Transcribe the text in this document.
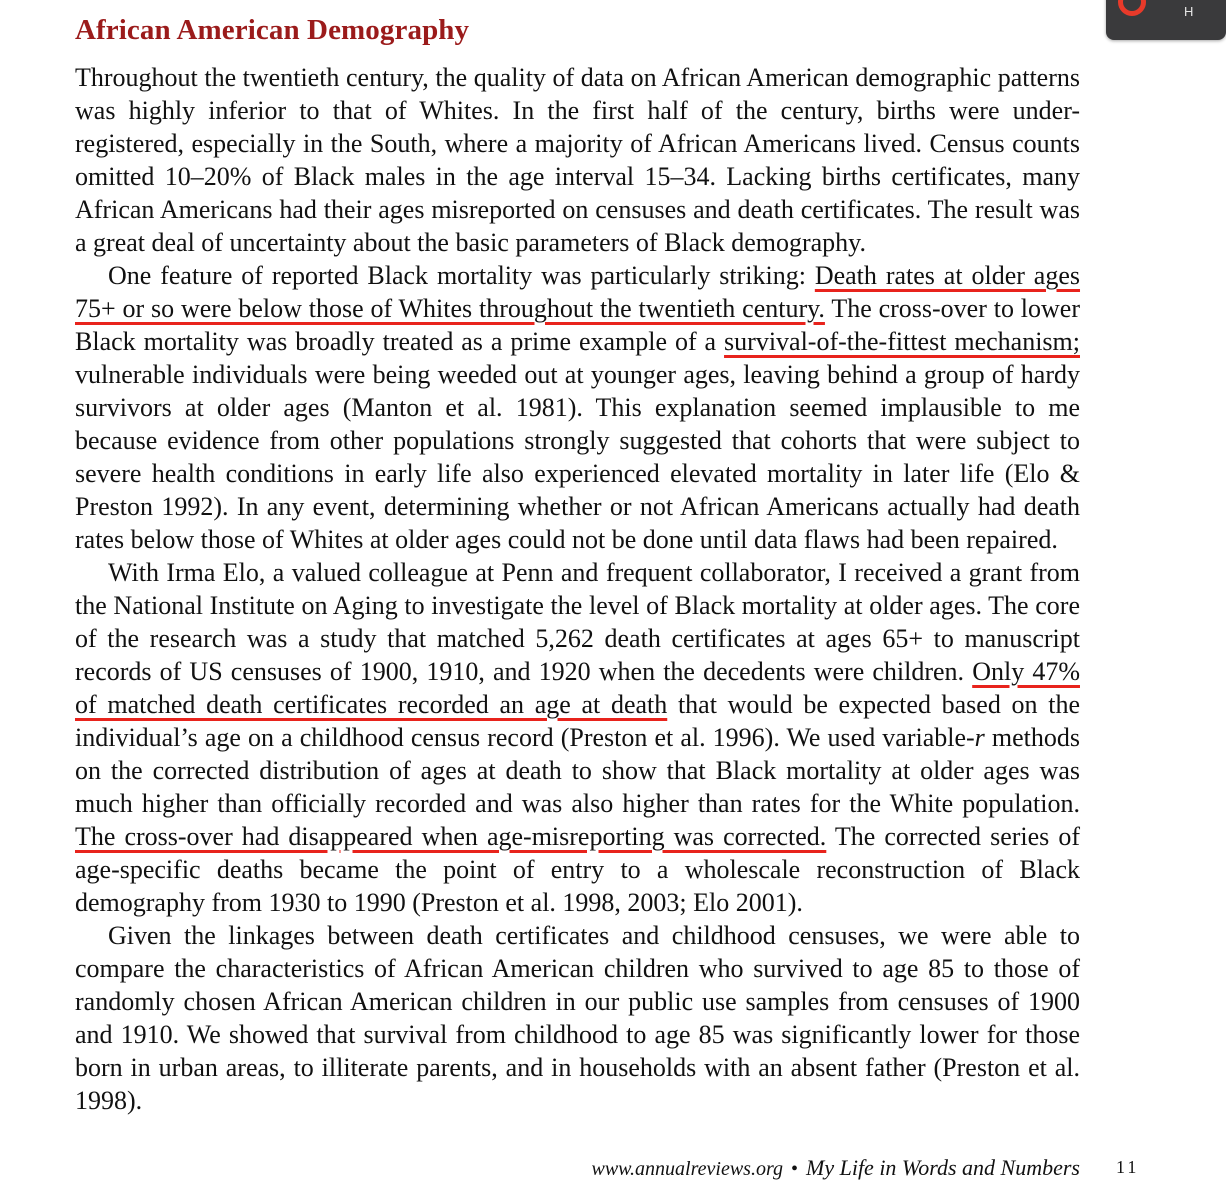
African American Demography

Throughout the twentieth century, the quality of data on African American demographic patterns was highly inferior to that of Whites. In the first half of the century, births were under-registered, especially in the South, where a majority of African Americans lived. Census counts omitted 10–20% of Black males in the age interval 15–34. Lacking births certificates, many African Americans had their ages misreported on censuses and death certificates. The result was a great deal of uncertainty about the basic parameters of Black demography.

One feature of reported Black mortality was particularly striking: Death rates at older ages 75+ or so were below those of Whites throughout the twentieth century. The cross-over to lower Black mortality was broadly treated as a prime example of a survival-of-the-fittest mechanism; vulnerable individuals were being weeded out at younger ages, leaving behind a group of hardy survivors at older ages (Manton et al. 1981). This explanation seemed implausible to me because evidence from other populations strongly suggested that cohorts that were subject to severe health conditions in early life also experienced elevated mortality in later life (Elo & Preston 1992). In any event, determining whether or not African Americans actually had death rates below those of Whites at older ages could not be done until data flaws had been repaired.

With Irma Elo, a valued colleague at Penn and frequent collaborator, I received a grant from the National Institute on Aging to investigate the level of Black mortality at older ages. The core of the research was a study that matched 5,262 death certificates at ages 65+ to manuscript records of US censuses of 1900, 1910, and 1920 when the decedents were children. Only 47% of matched death certificates recorded an age at death that would be expected based on the individual’s age on a childhood census record (Preston et al. 1996). We used variable-r methods on the corrected distribution of ages at death to show that Black mortality at older ages was much higher than officially recorded and was also higher than rates for the White population. The cross-over had disappeared when age-misreporting was corrected. The corrected series of age-specific deaths became the point of entry to a wholescale reconstruction of Black demography from 1930 to 1990 (Preston et al. 1998, 2003; Elo 2001).

Given the linkages between death certificates and childhood censuses, we were able to compare the characteristics of African American children who survived to age 85 to those of randomly chosen African American children in our public use samples from censuses of 1900 and 1910. We showed that survival from childhood to age 85 was significantly lower for those born in urban areas, to illiterate parents, and in households with an absent father (Preston et al. 1998).

www.annualreviews.org • My Life in Words and Numbers 11
H
